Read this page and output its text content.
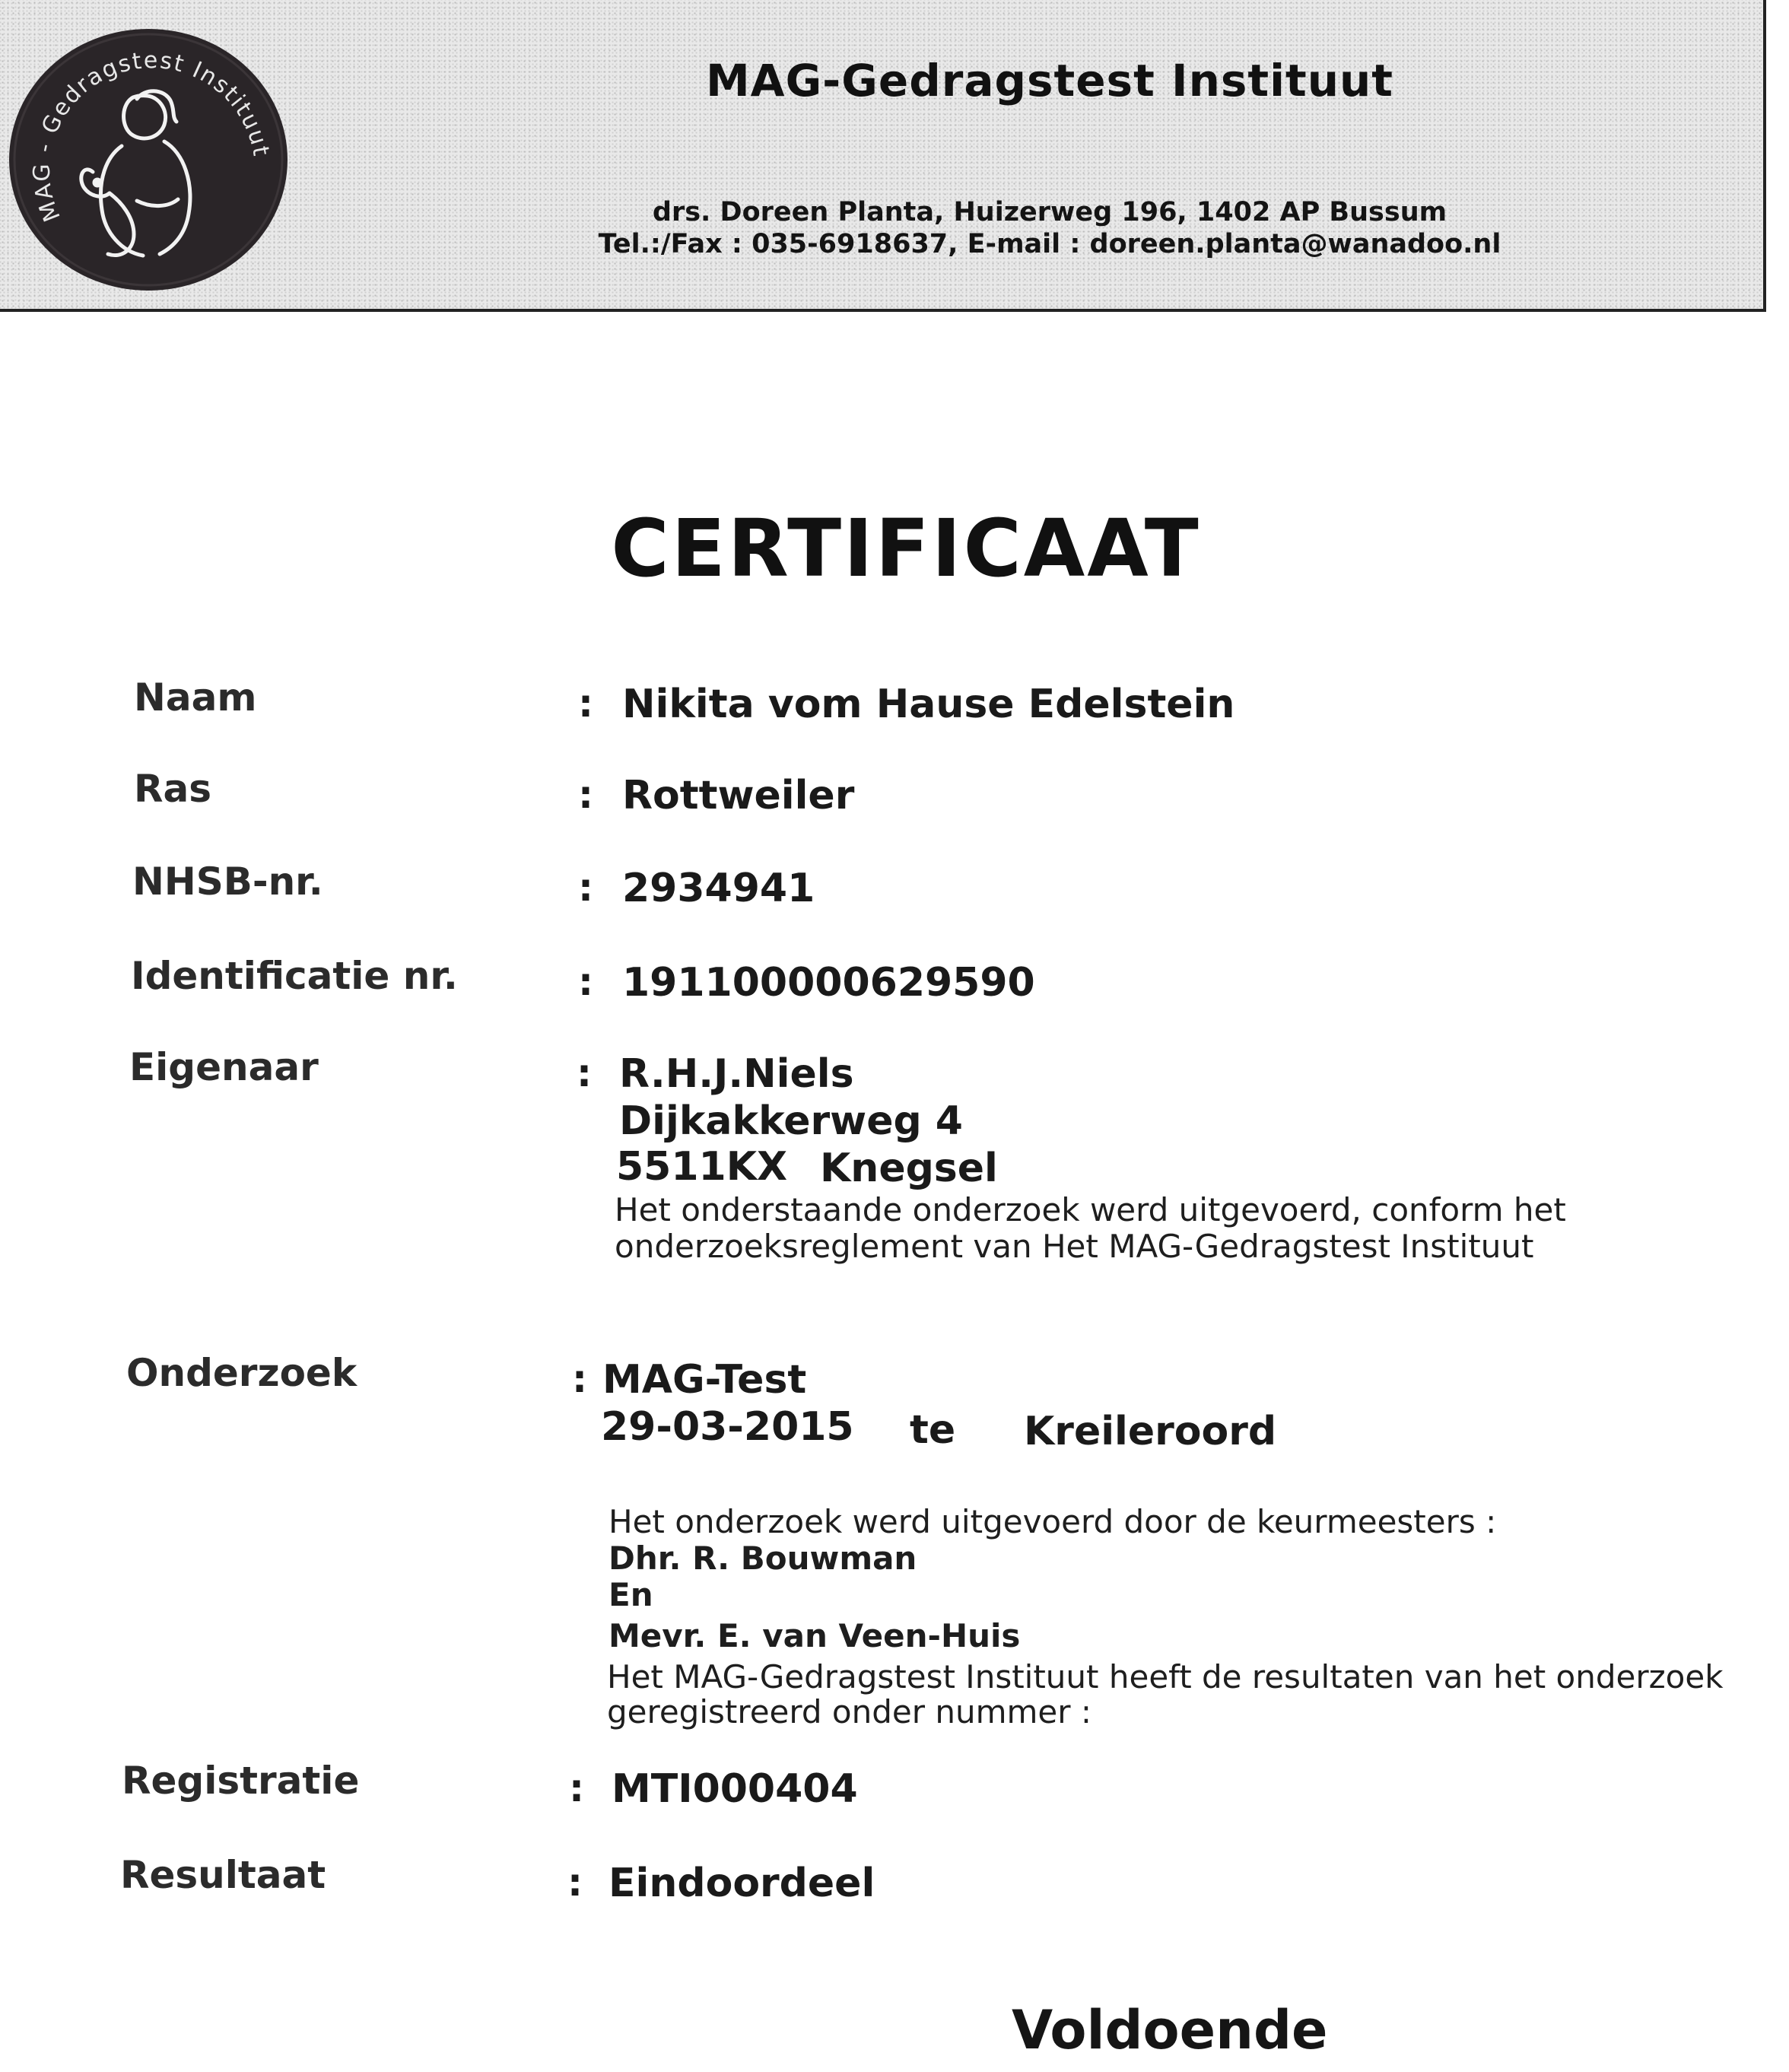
MAG - Gedragstest Instituut
MAG-Gedragstest Instituut
drs. Doreen Planta, Huizerweg 196, 1402 AP Bussum
Tel.:/Fax : 035-6918637, E-mail : doreen.planta@wanadoo.nl
CERTIFICAAT
Naam	: Nikita vom Hause Edelstein
Ras	: Rottweiler
NHSB-nr.	: 2934941
Identificatie nr.	: 191100000629590
Eigenaar	: R.H.J.Niels
Dijkakkerweg 4
5511KX Knegsel
Het onderstaande onderzoek werd uitgevoerd, conform het
onderzoeksreglement van Het MAG-Gedragstest Instituut
Onderzoek	: MAG-Test
29-03-2015 te Kreileroord
Het onderzoek werd uitgevoerd door de keurmeesters :
Dhr. R. Bouwman
En
Mevr. E. van Veen-Huis
Het MAG-Gedragstest Instituut heeft de resultaten van het onderzoek
geregistreerd onder nummer :
Registratie	: MTI000404
Resultaat	: Eindoordeel
Voldoende
